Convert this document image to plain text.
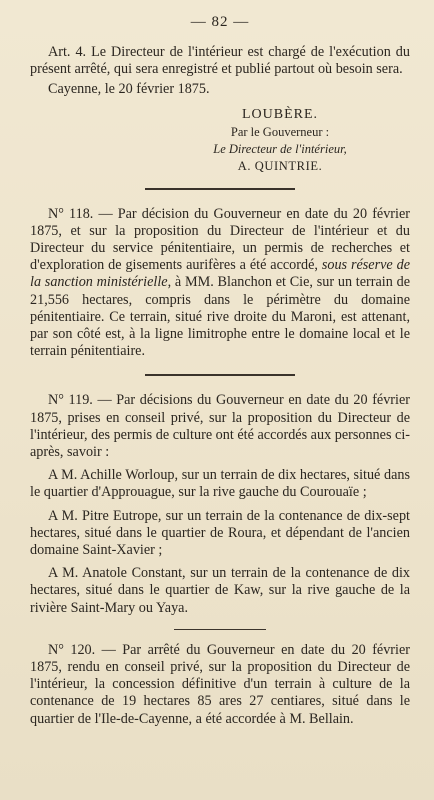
— 82 —

Art. 4. Le Directeur de l'intérieur est chargé de l'exécution du présent arrêté, qui sera enregistré et publié partout où besoin sera.

Cayenne, le 20 février 1875.

LOUBÈRE.
Par le Gouverneur :
Le Directeur de l'intérieur,
A. QUINTRIE.

N° 118. — Par décision du Gouverneur en date du 20 février 1875, et sur la proposition du Directeur de l'intérieur et du Directeur du service pénitentiaire, un permis de recherches et d'exploration de gisements aurifères a été accordé, sous réserve de la sanction ministérielle, à MM. Blanchon et Cie, sur un terrain de 21,556 hectares, compris dans le périmètre du domaine pénitentiaire. Ce terrain, situé rive droite du Maroni, est attenant, par son côté est, à la ligne limitrophe entre le domaine local et le terrain pénitentiaire.

N° 119. — Par décisions du Gouverneur en date du 20 février 1875, prises en conseil privé, sur la proposition du Directeur de l'intérieur, des permis de culture ont été accordés aux personnes ci-après, savoir :

A M. Achille Worloup, sur un terrain de dix hectares, situé dans le quartier d'Approuague, sur la rive gauche du Courouaïe ;

A M. Pitre Eutrope, sur un terrain de la contenance de dix-sept hectares, situé dans le quartier de Roura, et dépendant de l'ancien domaine Saint-Xavier ;

A M. Anatole Constant, sur un terrain de la contenance de dix hectares, situé dans le quartier de Kaw, sur la rive gauche de la rivière Saint-Mary ou Yaya.

N° 120. — Par arrêté du Gouverneur en date du 20 février 1875, rendu en conseil privé, sur la proposition du Directeur de l'intérieur, la concession définitive d'un terrain à culture de la contenance de 19 hectares 85 ares 27 centiares, situé dans le quartier de l'Ile-de-Cayenne, a été accordée à M. Bellain.
